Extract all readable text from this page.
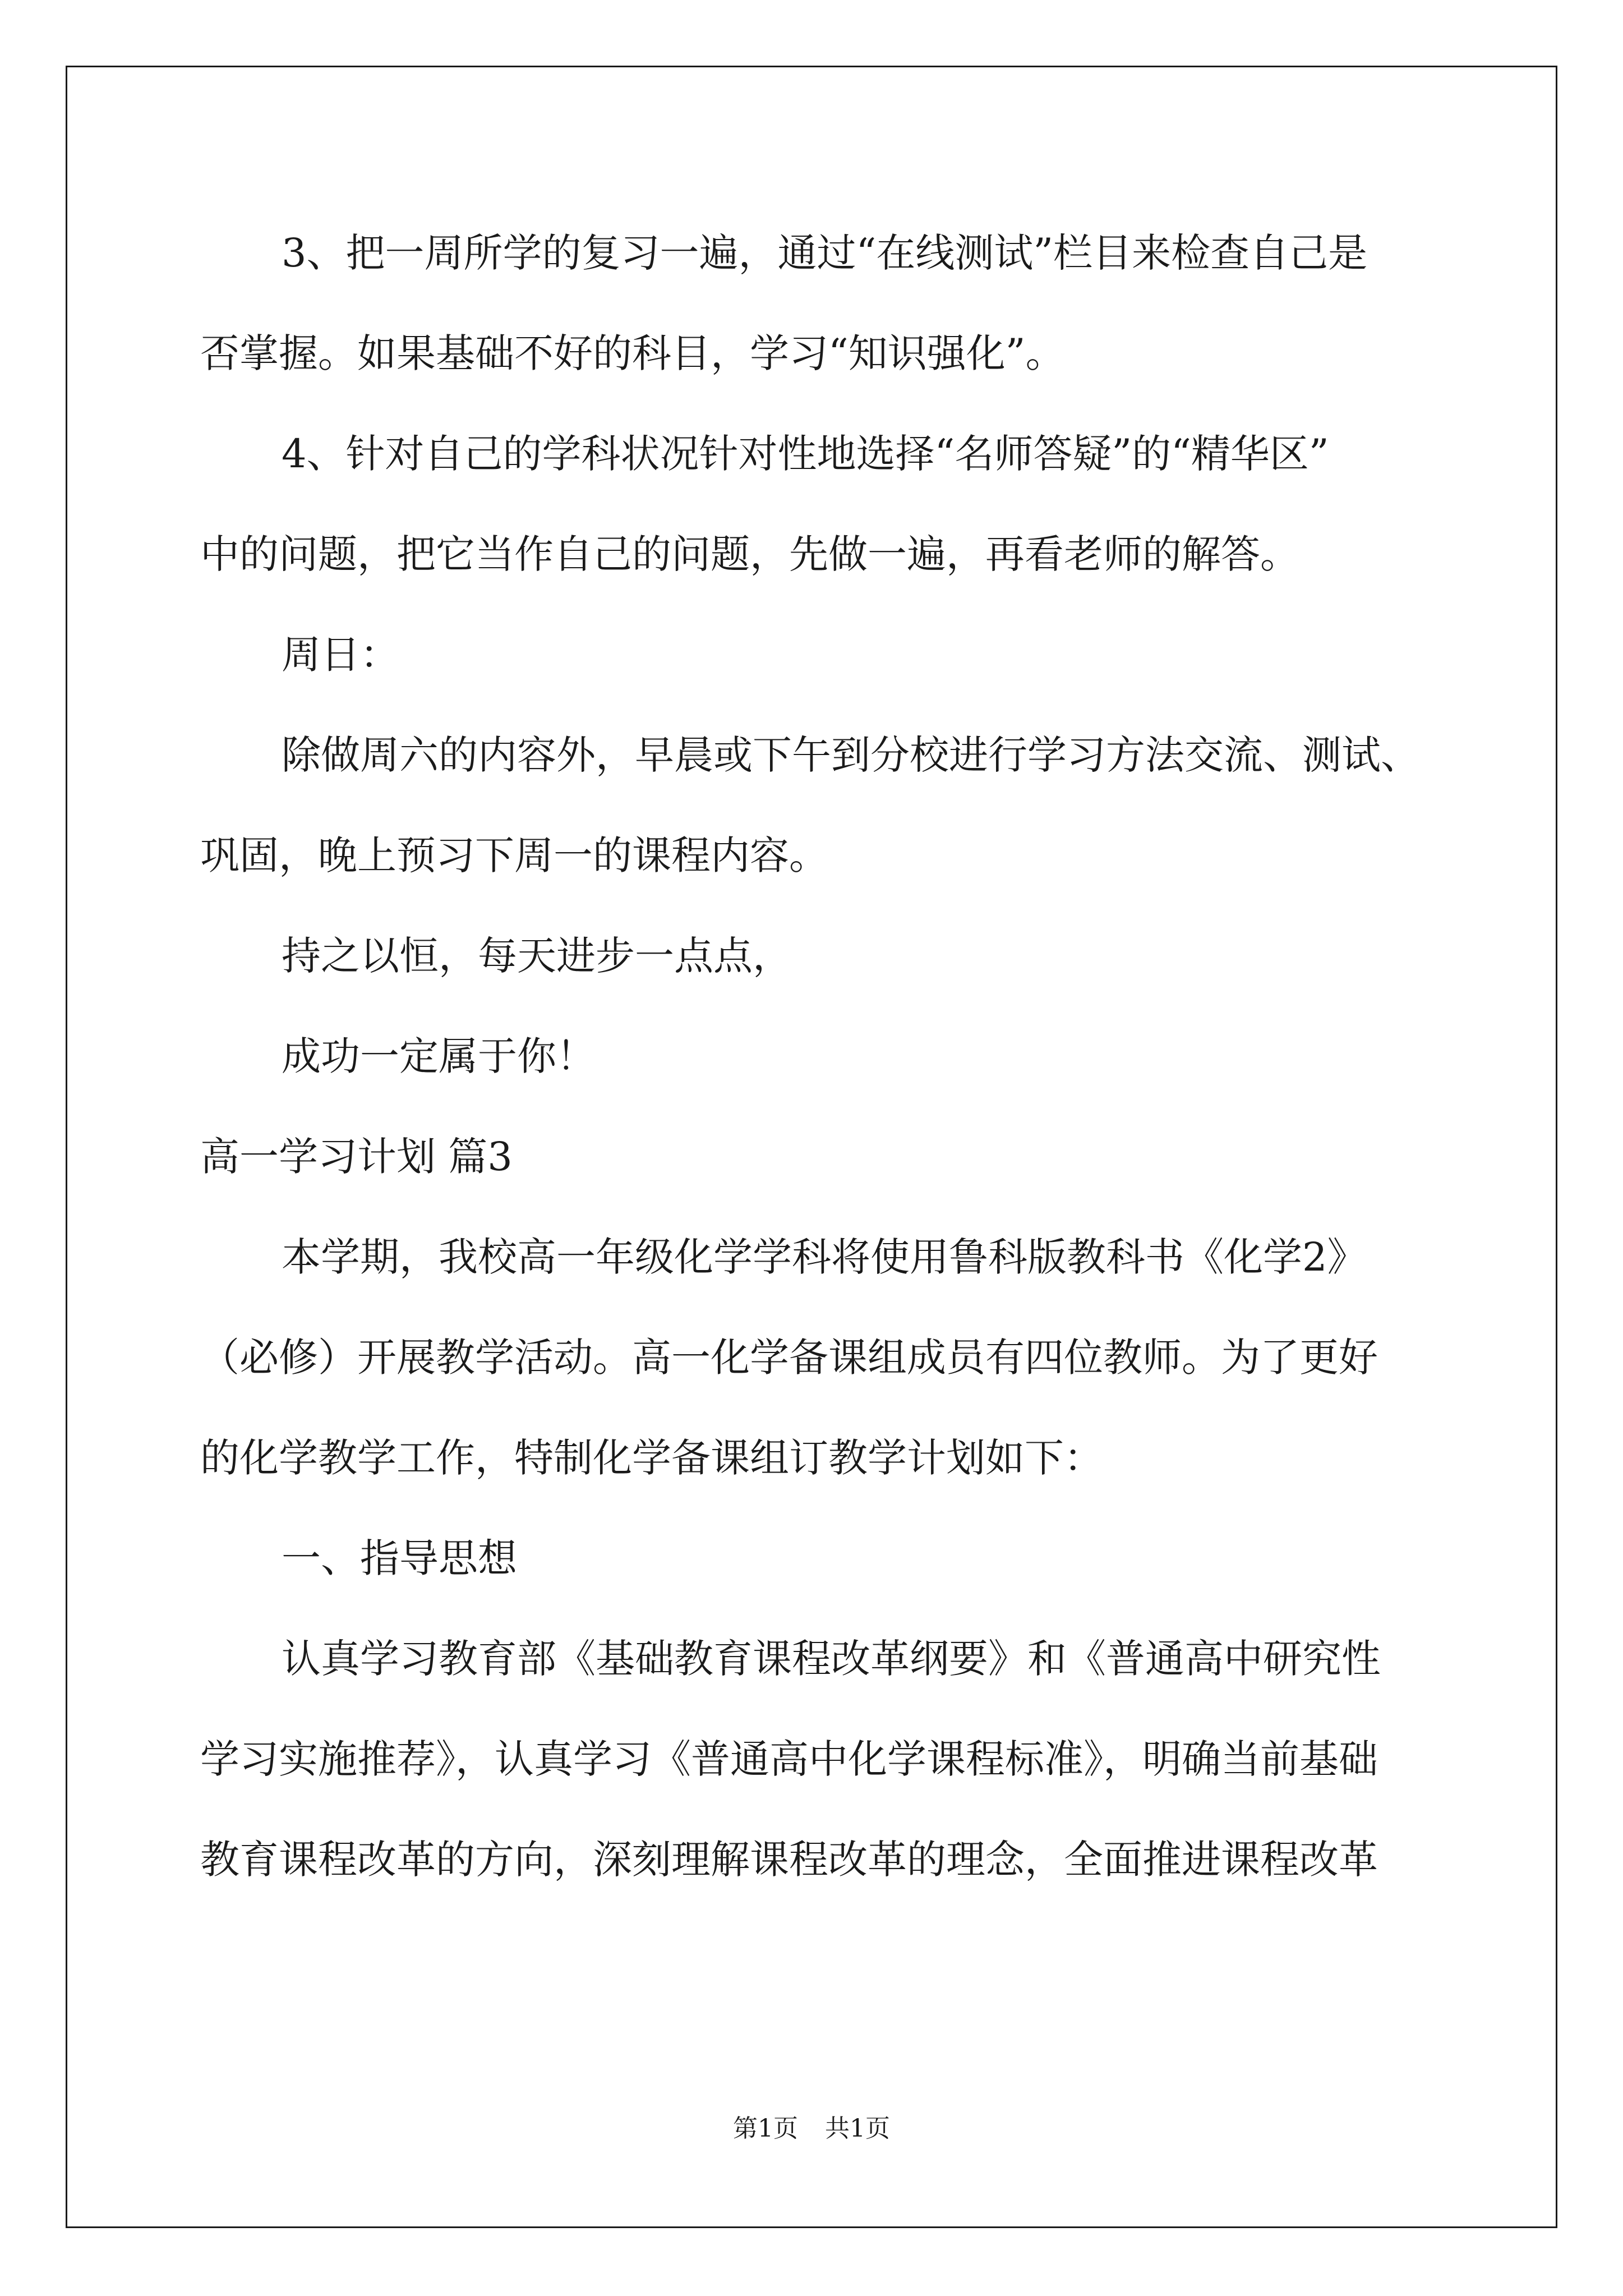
3、把一周所学的复习一遍，通过“在线测试”栏目来检查自己是

否掌握。如果基础不好的科目，学习“知识强化”。

4、针对自己的学科状况针对性地选择“名师答疑”的“精华区”

中的问题，把它当作自己的问题，先做一遍，再看老师的解答。

周日：

除做周六的内容外，早晨或下午到分校进行学习方法交流、测试、

巩固，晚上预习下周一的课程内容。

持之以恒，每天进步一点点，

成功一定属于你！

高一学习计划 篇3

本学期，我校高一年级化学学科将使用鲁科版教科书《化学2》

（必修）开展教学活动。高一化学备课组成员有四位教师。为了更好

的化学教学工作，特制化学备课组订教学计划如下：

一、指导思想

认真学习教育部《基础教育课程改革纲要》和《普通高中研究性

学习实施推荐》，认真学习《普通高中化学课程标准》，明确当前基础

教育课程改革的方向，深刻理解课程改革的理念，全面推进课程改革

第1页 共1页
